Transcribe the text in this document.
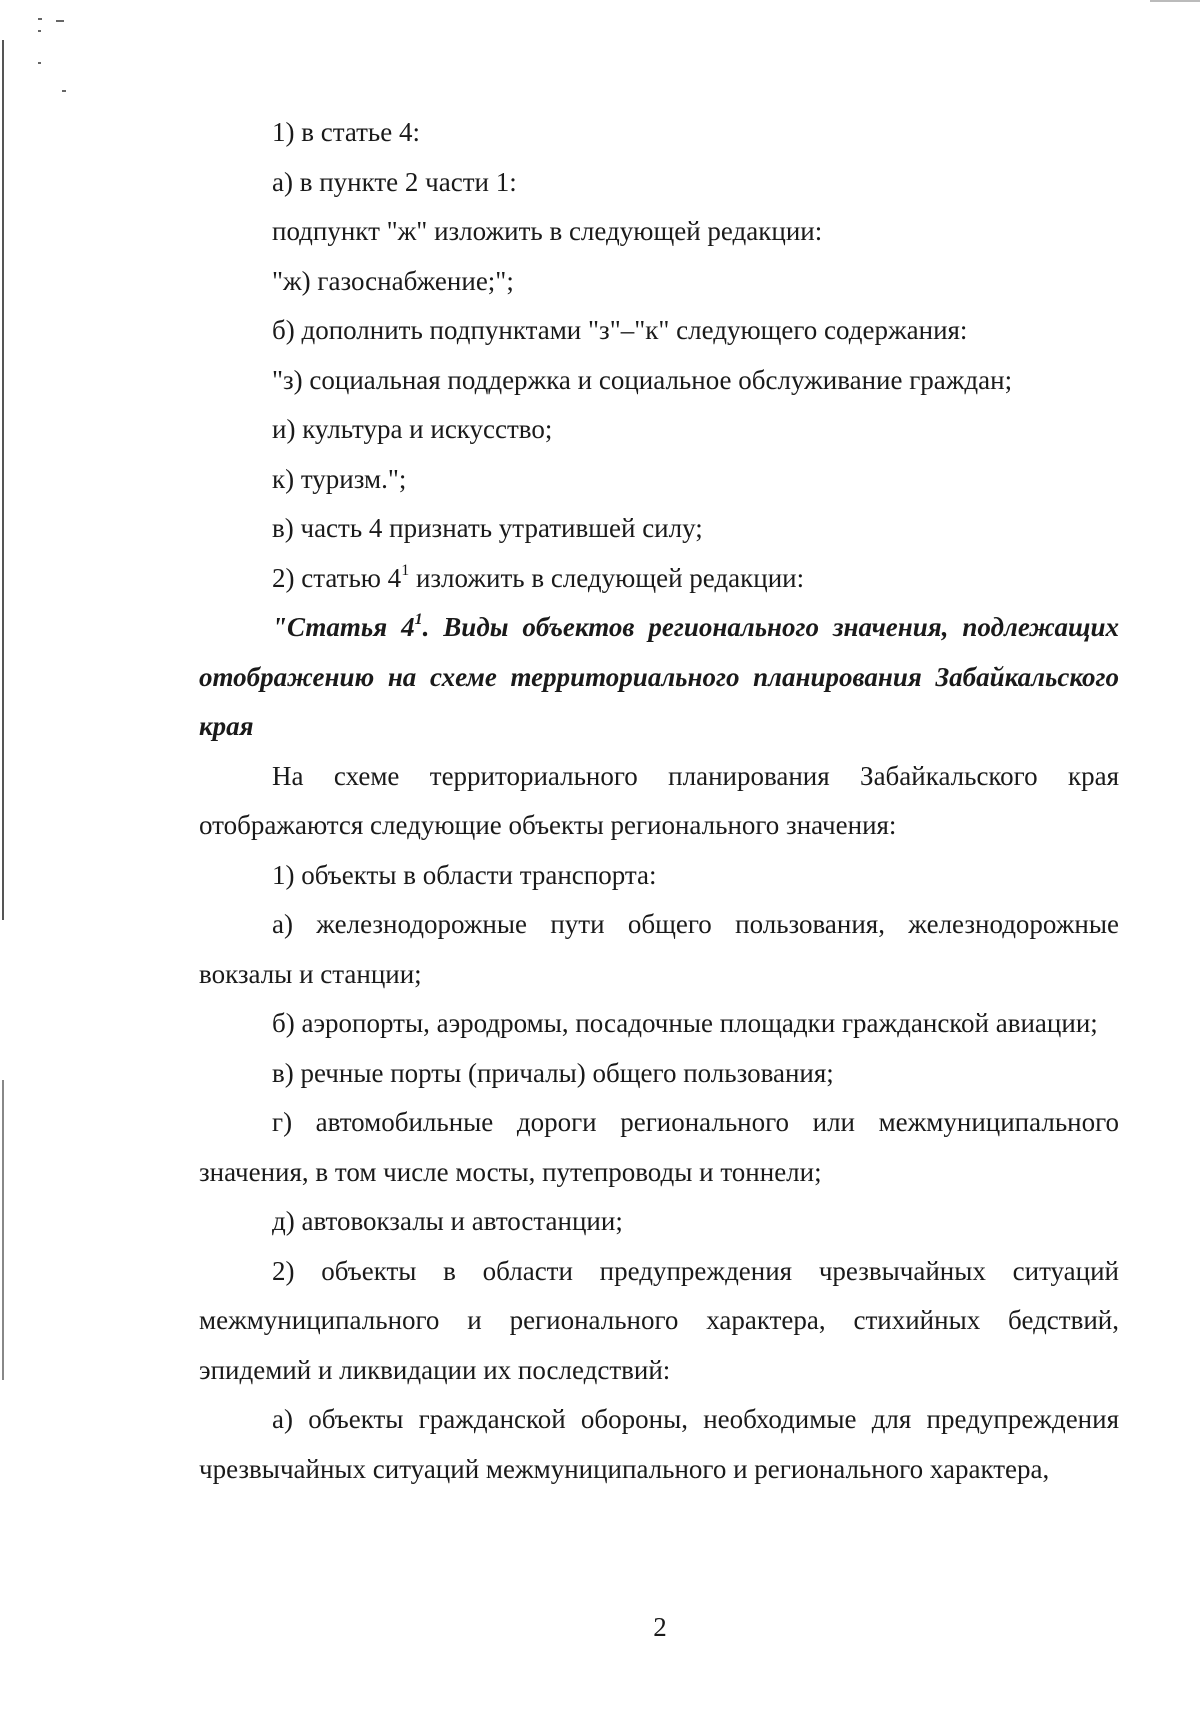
1) в статье 4:

а) в пункте 2 части 1:

подпункт "ж" изложить в следующей редакции:

"ж) газоснабжение;";

б) дополнить подпунктами "з"–"к" следующего содержания:

"з) социальная поддержка и социальное обслуживание граждан;

и) культура и искусство;

к) туризм.";

в) часть 4 признать утратившей силу;

2) статью $4^1$ изложить в следующей редакции:

"Статья $4^1$. Виды объектов регионального значения, подлежащих отображению на схеме территориального планирования Забайкальского края

На схеме территориального планирования Забайкальского края отображаются следующие объекты регионального значения:

1) объекты в области транспорта:

а) железнодорожные пути общего пользования, железнодорожные вокзалы и станции;

б) аэропорты, аэродромы, посадочные площадки гражданской авиации;

в) речные порты (причалы) общего пользования;

г) автомобильные дороги регионального или межмуниципального значения, в том числе мосты, путепроводы и тоннели;

д) автовокзалы и автостанции;

2) объекты в области предупреждения чрезвычайных ситуаций межмуниципального и регионального характера, стихийных бедствий, эпидемий и ликвидации их последствий:

а) объекты гражданской обороны, необходимые для предупреждения чрезвычайных ситуаций межмуниципального и регионального характера,

2
